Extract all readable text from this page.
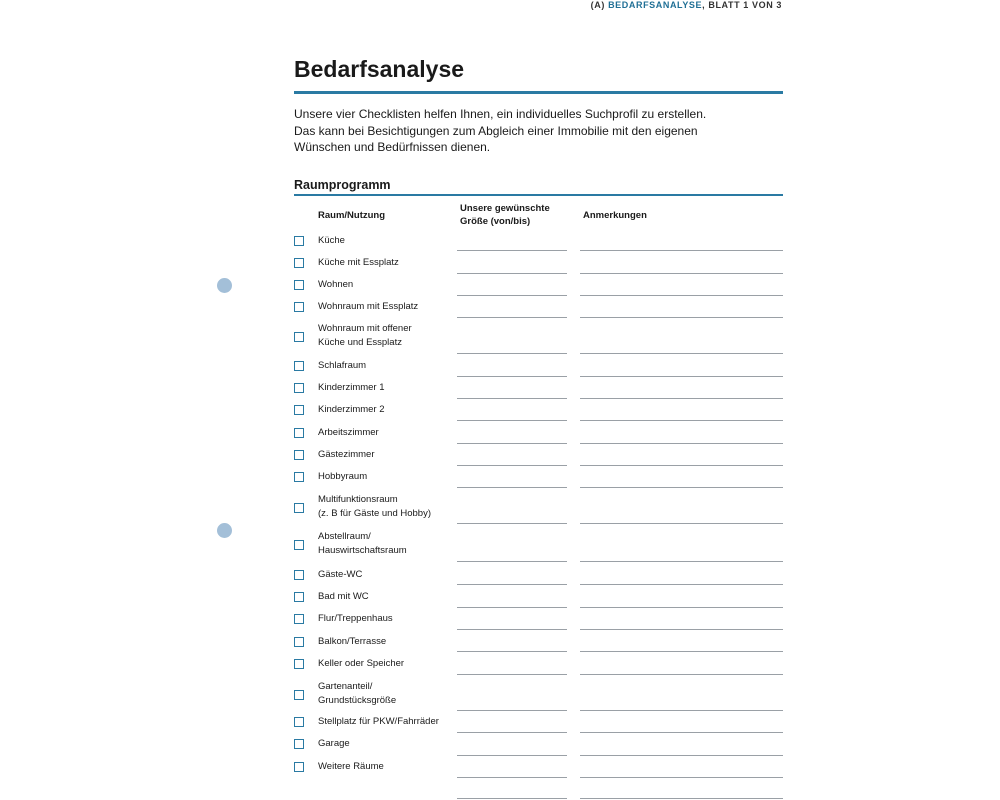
(A) BEDARFSANALYSE, BLATT 1 VON 3
Bedarfsanalyse

Unsere vier Checklisten helfen Ihnen, ein individuelles Suchprofil zu erstellen.

Das kann bei Besichtigungen zum Abgleich einer Immobilie mit den eigenen

Wünschen und Bedürfnissen dienen.

Raumprogramm
Raum/Nutzung
Unsere gewünschte
Größe (von/bis)
Anmerkungen
Küche
Küche mit Essplatz
Wohnen
Wohnraum mit Essplatz
Wohnraum mit offener
Küche und Essplatz
Schlafraum
Kinderzimmer 1
Kinderzimmer 2
Arbeitszimmer
Gästezimmer
Hobbyraum
Multifunktionsraum
(z. B für Gäste und Hobby)
Abstellraum/
Hauswirtschaftsraum
Gäste-WC
Bad mit WC
Flur/Treppenhaus
Balkon/Terrasse
Keller oder Speicher
Gartenanteil/
Grundstücksgröße
Stellplatz für PKW/Fahrräder
Garage
Weitere Räume
